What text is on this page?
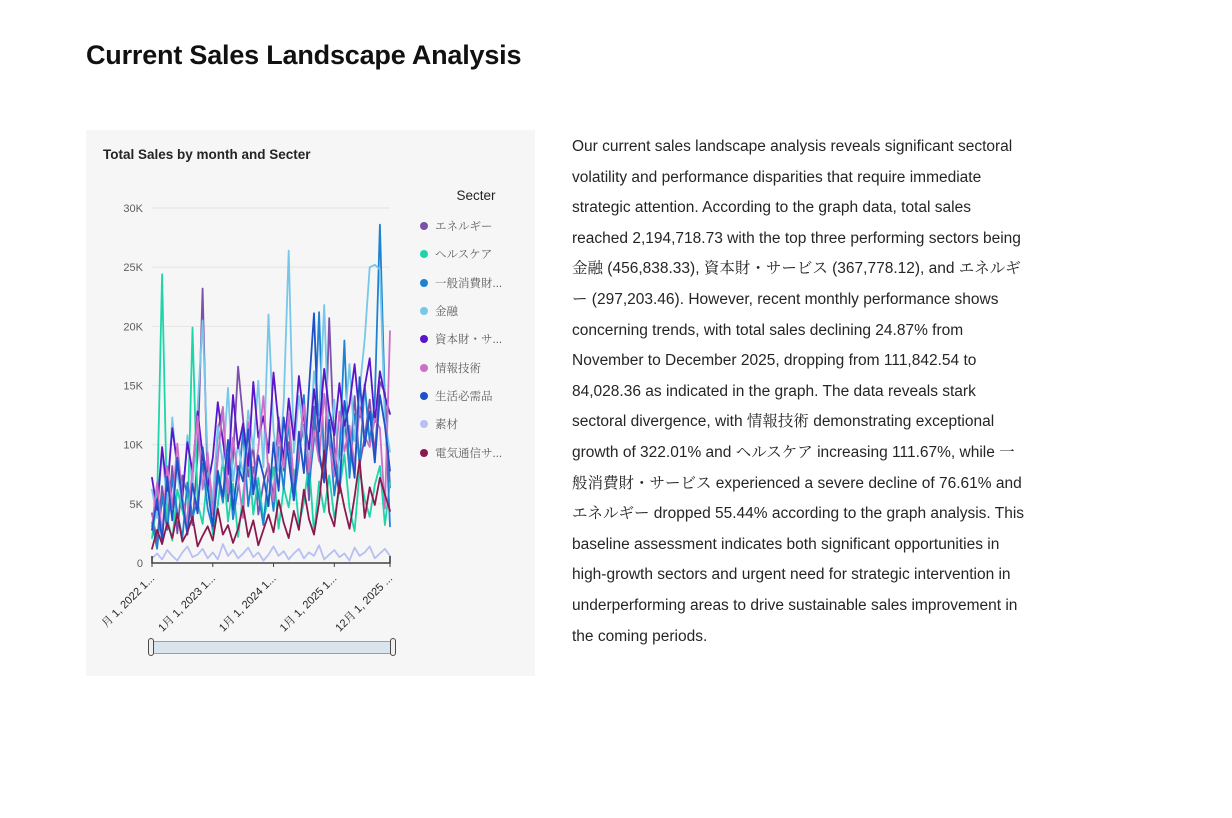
Current Sales Landscape Analysis
Total Sales by month and Secter
0
5K
10K
15K
20K
25K
30K
月 1, 2022 1... 1月 1, 2023 1... 1月 1, 2024 1... 1月 1, 2025 1...
12月 1, 2025 ...
Secter
エネルギー
ヘルスケア
一般消費財...
金融
資本財・サ...
情報技術
生活必需品
素材
電気通信サ...
Our current sales landscape analysis reveals significant sectoral volatility and performance disparities that require immediate strategic attention. According to the graph data, total sales reached 2,194,718.73 with the top three performing sectors being 金融 (456,838.33), 資本財・サービス (367,778.12), and エネルギー (297,203.46). However, recent monthly performance shows concerning trends, with total sales declining 24.87% from November to December 2025, dropping from 111,842.54 to 84,028.36 as indicated in the graph. The data reveals stark sectoral divergence, with 情報技術 demonstrating exceptional growth of 322.01% and ヘルスケア increasing 111.67%, while 一般消費財・サービス experienced a severe decline of 76.61% and エネルギー dropped 55.44% according to the graph analysis. This baseline assessment indicates both significant opportunities in high-growth sectors and urgent need for strategic intervention in underperforming areas to drive sustainable sales improvement in the coming periods.
